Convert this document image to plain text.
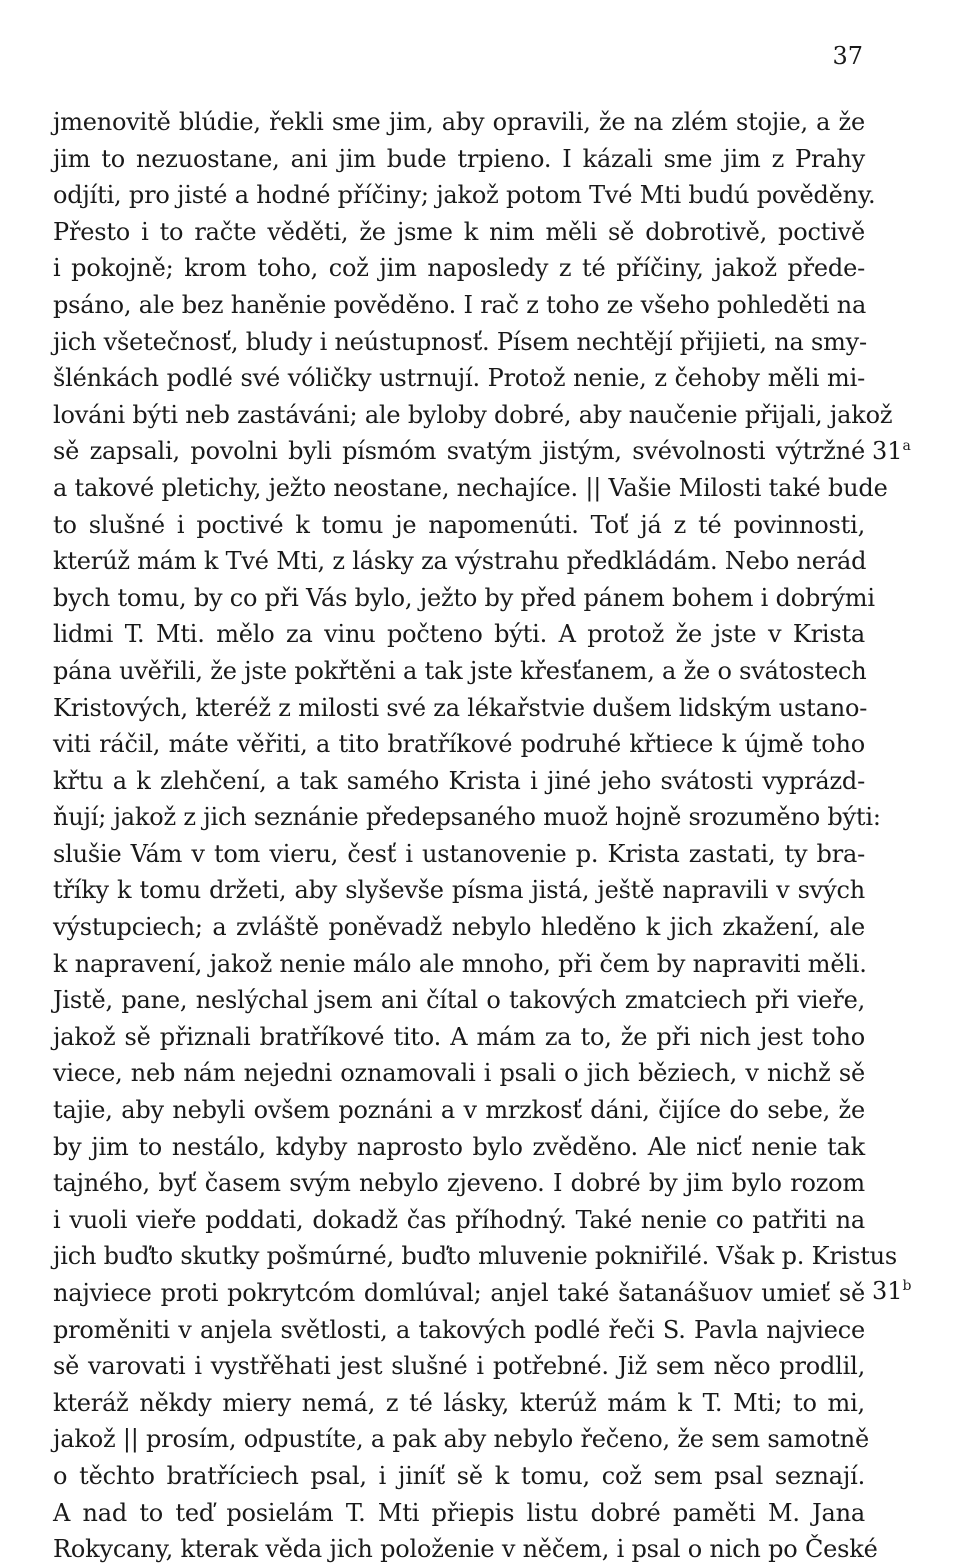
37
jmenovitě blúdie, řekli sme jim, aby opravili, že na zlém stojie, a že
jim to nezuostane, ani jim bude trpieno. I kázali sme jim z Prahy
odjíti, pro jisté a hodné příčiny; jakož potom Tvé Mti budú pověděny.
Přesto i to račte věděti, že jsme k nim měli sě dobrotivě, poctivě
i pokojně; krom toho, což jim naposledy z té příčiny, jakož přede-
psáno, ale bez haněnie pověděno. I rač z toho ze všeho pohleděti na
jich všetečnosť, bludy i neústupnosť. Písem nechtějí přijieti, na smy-
šlénkách podlé své vóličky ustrnují. Protož nenie, z čehoby měli mi-
lováni býti neb zastáváni; ale byloby dobré, aby naučenie přijali, jakož
sě zapsali, povolni byli písmóm svatým jistým, svévolnosti výtržné
a takové pletichy, ježto neostane, nechajíce. || Vašie Milosti také bude
to slušné i poctivé k tomu je napomenúti. Toť já z té povinnosti,
kterúž mám k Tvé Mti, z lásky za výstrahu předkládám. Nebo nerád
bych tomu, by co při Vás bylo, ježto by před pánem bohem i dobrými
lidmi T. Mti. mělo za vinu počteno býti. A protož že jste v Krista
pána uvěřili, že jste pokřtěni a tak jste křesťanem, a že o svátostech
Kristových, kteréž z milosti své za lékařstvie dušem lidským ustano-
viti ráčil, máte věřiti, a tito bratříkové podruhé křtiece k újmě toho
křtu a k zlehčení, a tak samého Krista i jiné jeho svátosti vyprázd-
ňují; jakož z jich seznánie předepsaného muož hojně srozuměno býti:
slušie Vám v tom vieru, česť i ustanovenie p. Krista zastati, ty bra-
tříky k tomu držeti, aby slyševše písma jistá, ještě napravili v svých
výstupciech; a zvláště poněvadž nebylo hleděno k jich zkažení, ale
k napravení, jakož nenie málo ale mnoho, při čem by napraviti měli.
Jistě, pane, neslýchal jsem ani čítal o takových zmatciech při vieře,
jakož sě přiznali bratříkové tito. A mám za to, že při nich jest toho
viece, neb nám nejedni oznamovali i psali o jich běziech, v nichž sě
tajie, aby nebyli ovšem poznáni a v mrzkosť dáni, čijíce do sebe, že
by jim to nestálo, kdyby naprosto bylo zvěděno. Ale nicť nenie tak
tajného, byť časem svým nebylo zjeveno. I dobré by jim bylo rozom
i vuoli vieře poddati, dokadž čas příhodný. Také nenie co patřiti na
jich buďto skutky pošmúrné, buďto mluvenie pokniřilé. Však p. Kristus
najviece proti pokrytcóm domlúval; anjel také šatanášuov umieť sě
proměniti v anjela světlosti, a takových podlé řeči S. Pavla najviece
sě varovati i vystřěhati jest slušné i potřebné. Již sem něco prodlil,
kteráž někdy miery nemá, z té lásky, kterúž mám k T. Mti; to mi,
jakož || prosím, odpustíte, a pak aby nebylo řečeno, že sem samotně
o těchto bratříciech psal, i jiníť sě k tomu, což sem psal seznají.
A nad to teď posielám T. Mti přiepis listu dobré paměti M. Jana
Rokycany, kterak věda jich položenie v něčem, i psal o nich po České
31$^a$
31$^b$
